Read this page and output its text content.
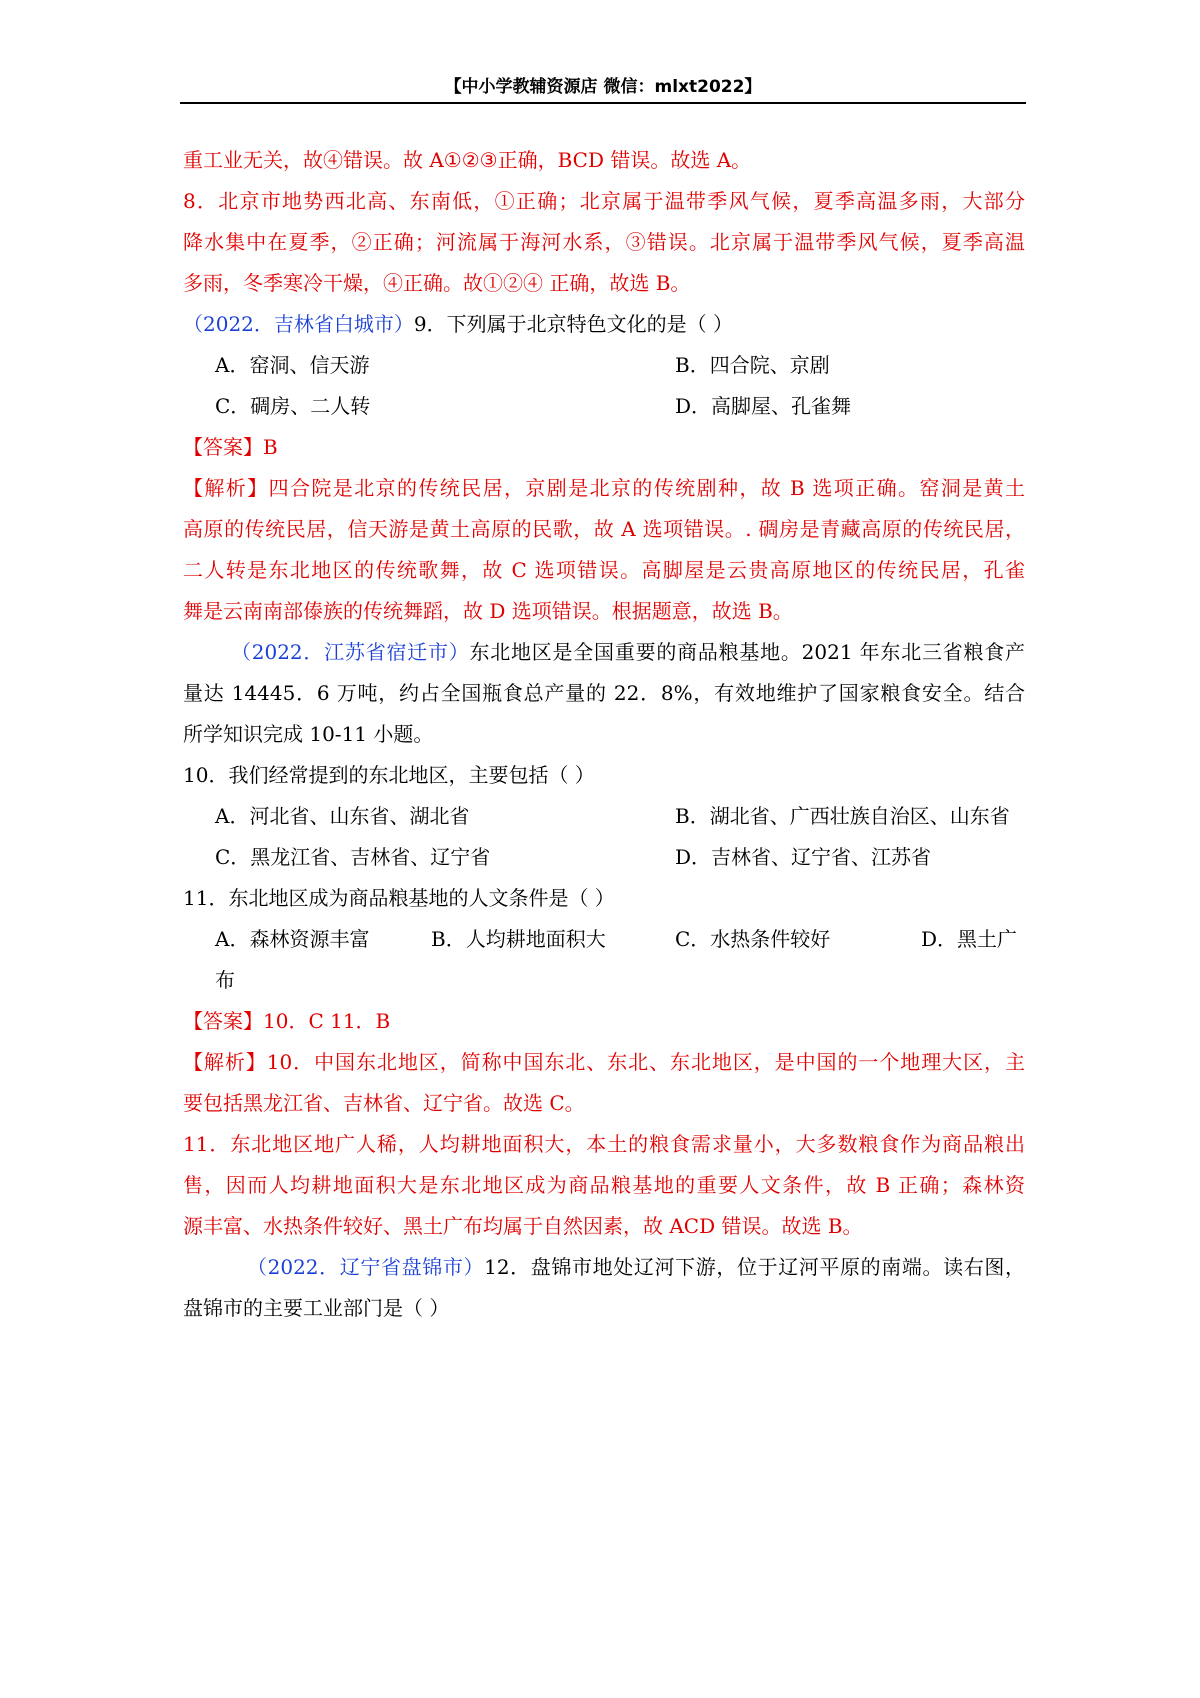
【中小学教辅资源店 微信：mlxt2022】
重工业无关，故④错误。故 A①②③正确，BCD 错误。故选 A。
8．北京市地势西北高、东南低，①正确；北京属于温带季风气候，夏季高温多雨，大部分
降水集中在夏季，②正确；河流属于海河水系，③错误。北京属于温带季风气候，夏季高温
多雨，冬季寒冷干燥，④正确。故①②④ 正确，故选 B。
（2022．吉林省白城市）9．下列属于北京特色文化的是（ ）
A．窑洞、信天游	B．四合院、京剧
C．碉房、二人转	D．高脚屋、孔雀舞
【答案】B
【解析】四合院是北京的传统民居，京剧是北京的传统剧种，故 B 选项正确。窑洞是黄土
高原的传统民居，信天游是黄土高原的民歌，故 A 选项错误。. 碉房是青藏高原的传统民居，
二人转是东北地区的传统歌舞，故 C 选项错误。高脚屋是云贵高原地区的传统民居，孔雀
舞是云南南部傣族的传统舞蹈，故 D 选项错误。根据题意，故选 B。
（2022．江苏省宿迁市）东北地区是全国重要的商品粮基地。2021 年东北三省粮食产
量达 14445．6 万吨，约占全国瓶食总产量的 22．8%，有效地维护了国家粮食安全。结合
所学知识完成 10-11 小题。
10．我们经常提到的东北地区，主要包括（ ）
A．河北省、山东省、湖北省	B．湖北省、广西壮族自治区、山东省
C．黑龙江省、吉林省、辽宁省	D．吉林省、辽宁省、江苏省
11．东北地区成为商品粮基地的人文条件是（ ）
A．森林资源丰富	B．人均耕地面积大	C．水热条件较好	D．黑土广
布
【答案】10．C 11．B
【解析】10．中国东北地区，简称中国东北、东北、东北地区，是中国的一个地理大区，主
要包括黑龙江省、吉林省、辽宁省。故选 C。
11．东北地区地广人稀，人均耕地面积大，本土的粮食需求量小，大多数粮食作为商品粮出
售，因而人均耕地面积大是东北地区成为商品粮基地的重要人文条件，故 B 正确；森林资
源丰富、水热条件较好、黑土广布均属于自然因素，故 ACD 错误。故选 B。
（2022．辽宁省盘锦市）12．盘锦市地处辽河下游，位于辽河平原的南端。读右图，
盘锦市的主要工业部门是（ ）
